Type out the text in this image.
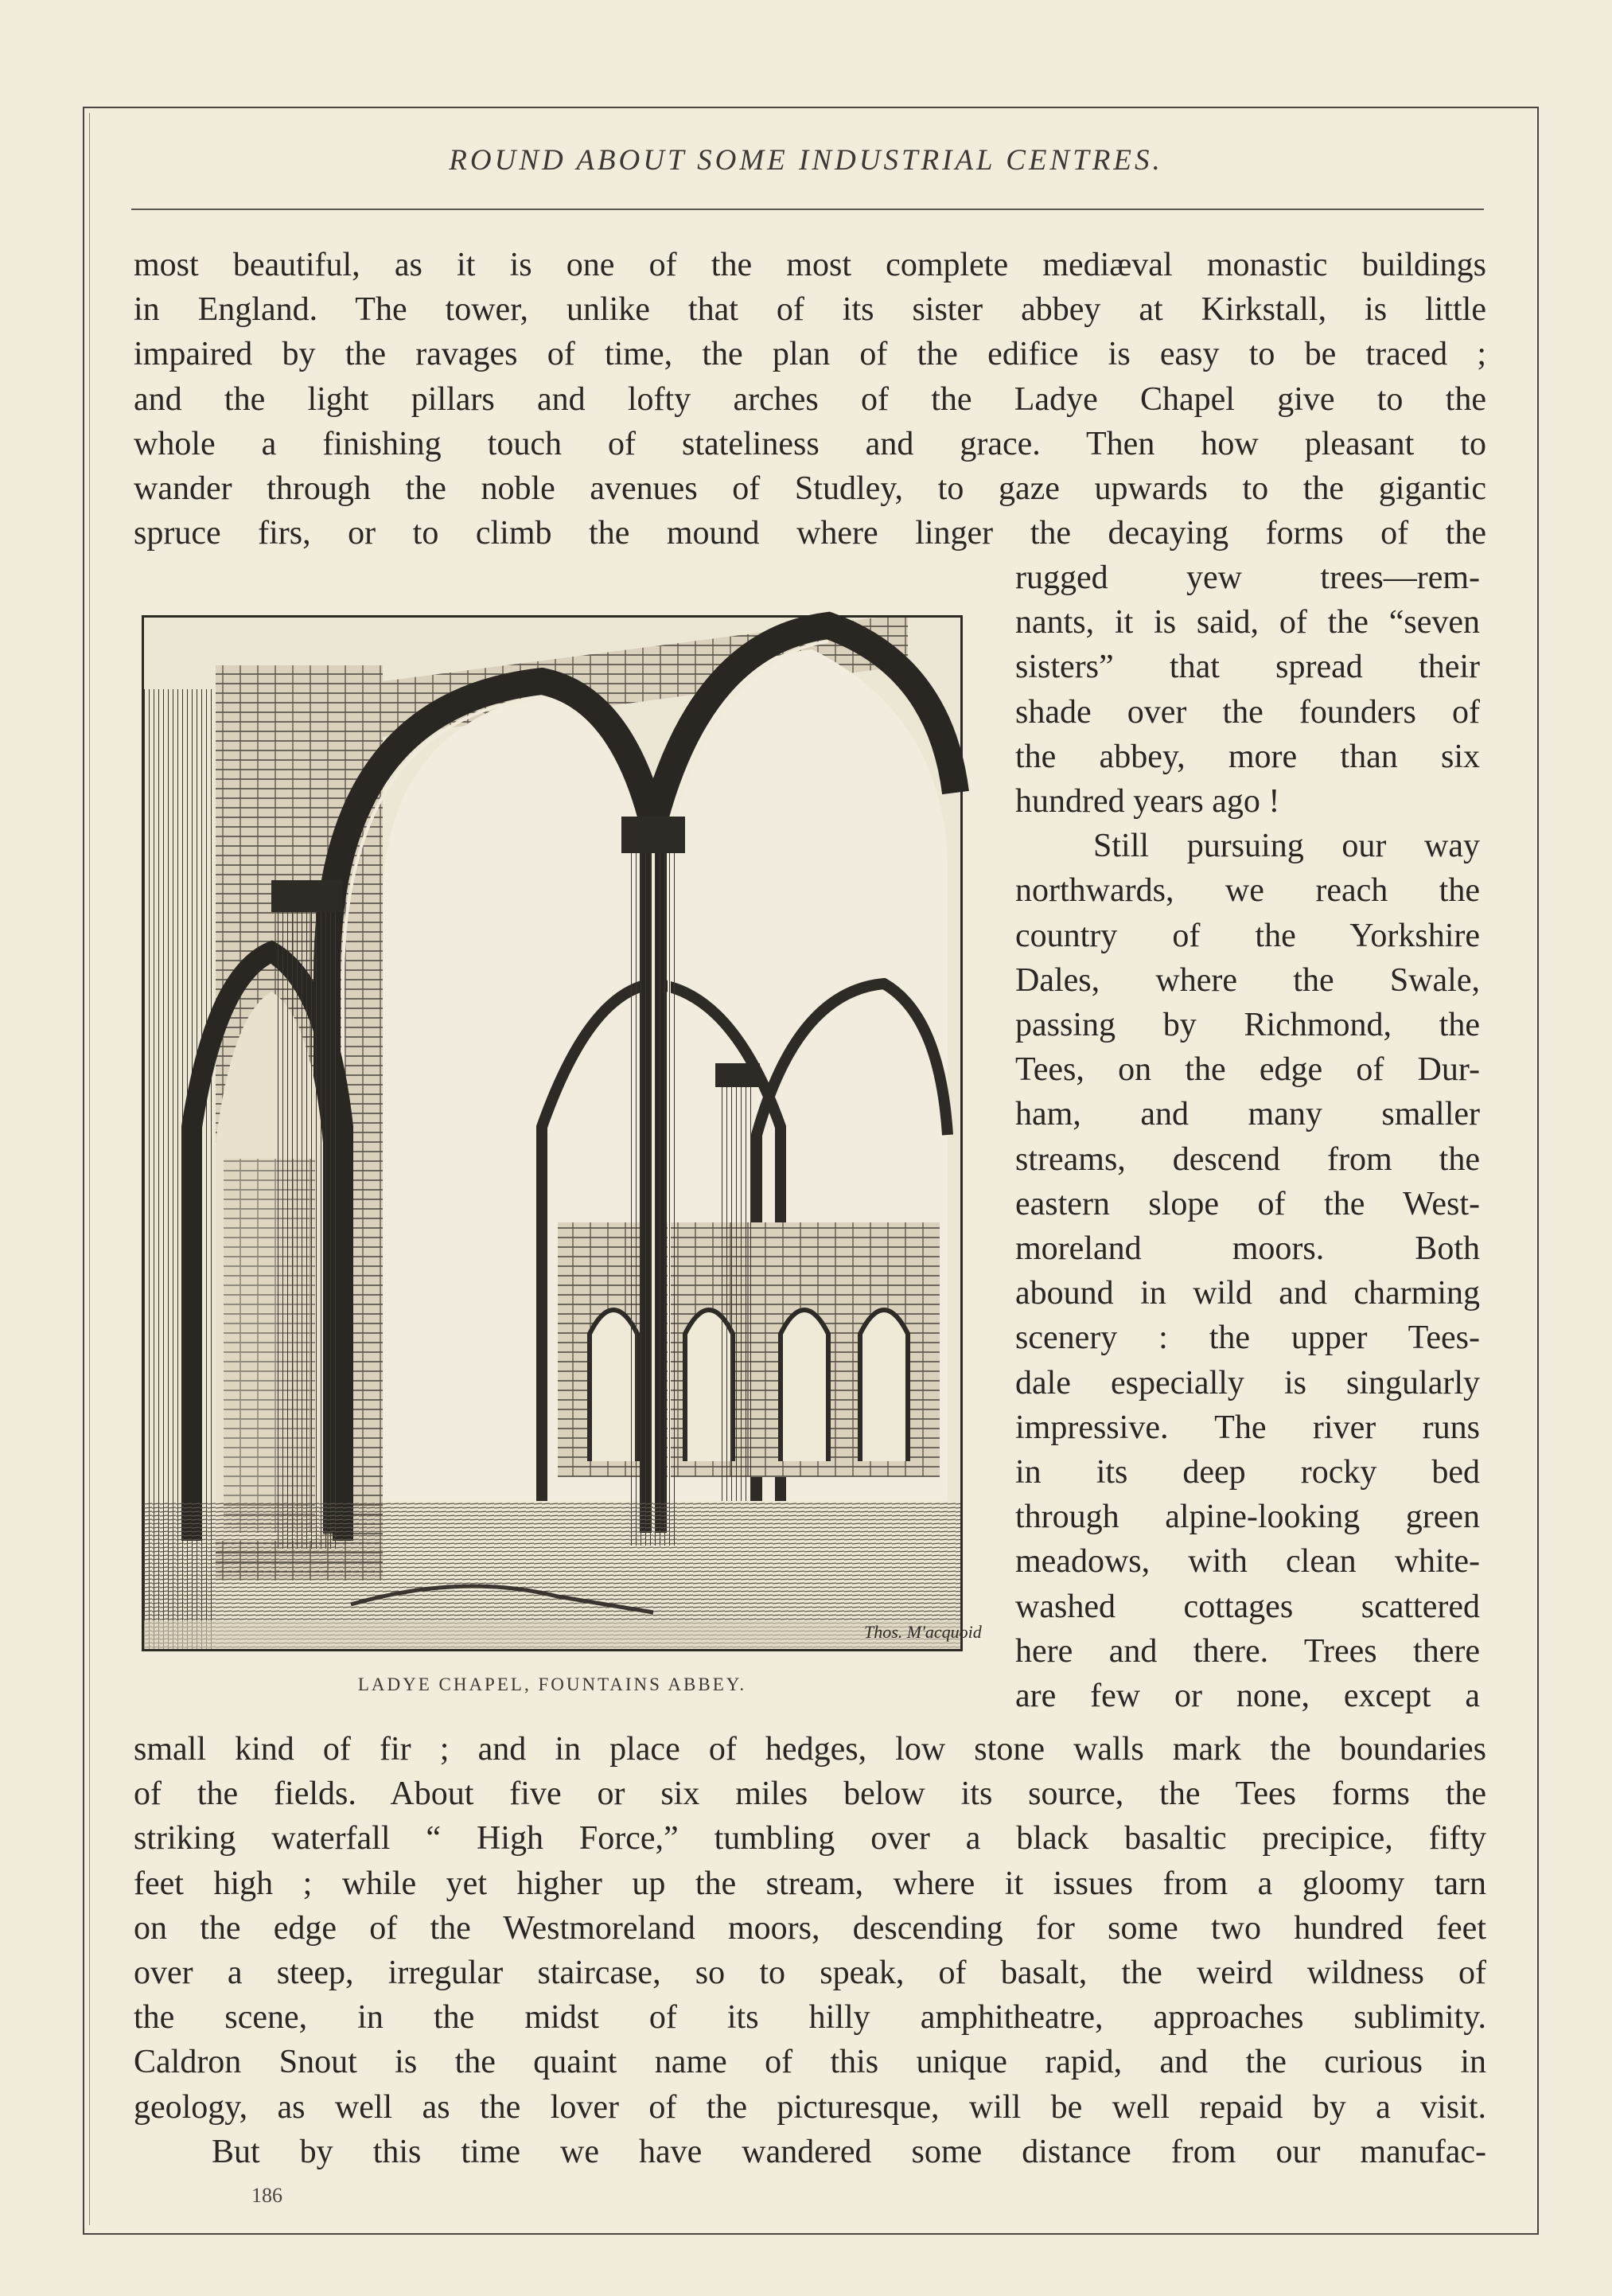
ROUND ABOUT SOME INDUSTRIAL CENTRES.
most beautiful, as it is one of the most complete mediæval monastic buildings
in England. The tower, unlike that of its sister abbey at Kirkstall, is little
impaired by the ravages of time, the plan of the edifice is easy to be traced ;
and the light pillars and lofty arches of the Ladye Chapel give to the
whole a finishing touch of stateliness and grace. Then how pleasant to
wander through the noble avenues of Studley, to gaze upwards to the gigantic
spruce firs, or to climb the mound where linger the decaying forms of the
rugged yew trees—rem-
nants, it is said, of the “seven
sisters” that spread their
shade over the founders of
the abbey, more than six
hundred years ago !
Still pursuing our way
northwards, we reach the
country of the Yorkshire
Dales, where the Swale,
passing by Richmond, the
Tees, on the edge of Dur-
ham, and many smaller
streams, descend from the
eastern slope of the West-
moreland moors. Both
abound in wild and charming
scenery : the upper Tees-
dale especially is singularly
impressive. The river runs
in its deep rocky bed
through alpine-looking green
meadows, with clean white-
washed cottages scattered
here and there. Trees there
are few or none, except a
Thos. M'acquoid
LADYE CHAPEL, FOUNTAINS ABBEY.
small kind of fir ; and in place of hedges, low stone walls mark the boundaries
of the fields. About five or six miles below its source, the Tees forms the
striking waterfall “ High Force,” tumbling over a black basaltic precipice, fifty
feet high ; while yet higher up the stream, where it issues from a gloomy tarn
on the edge of the Westmoreland moors, descending for some two hundred feet
over a steep, irregular staircase, so to speak, of basalt, the weird wildness of
the scene, in the midst of its hilly amphitheatre, approaches sublimity.
Caldron Snout is the quaint name of this unique rapid, and the curious in
geology, as well as the lover of the picturesque, will be well repaid by a visit.
But by this time we have wandered some distance from our manufac-
186
